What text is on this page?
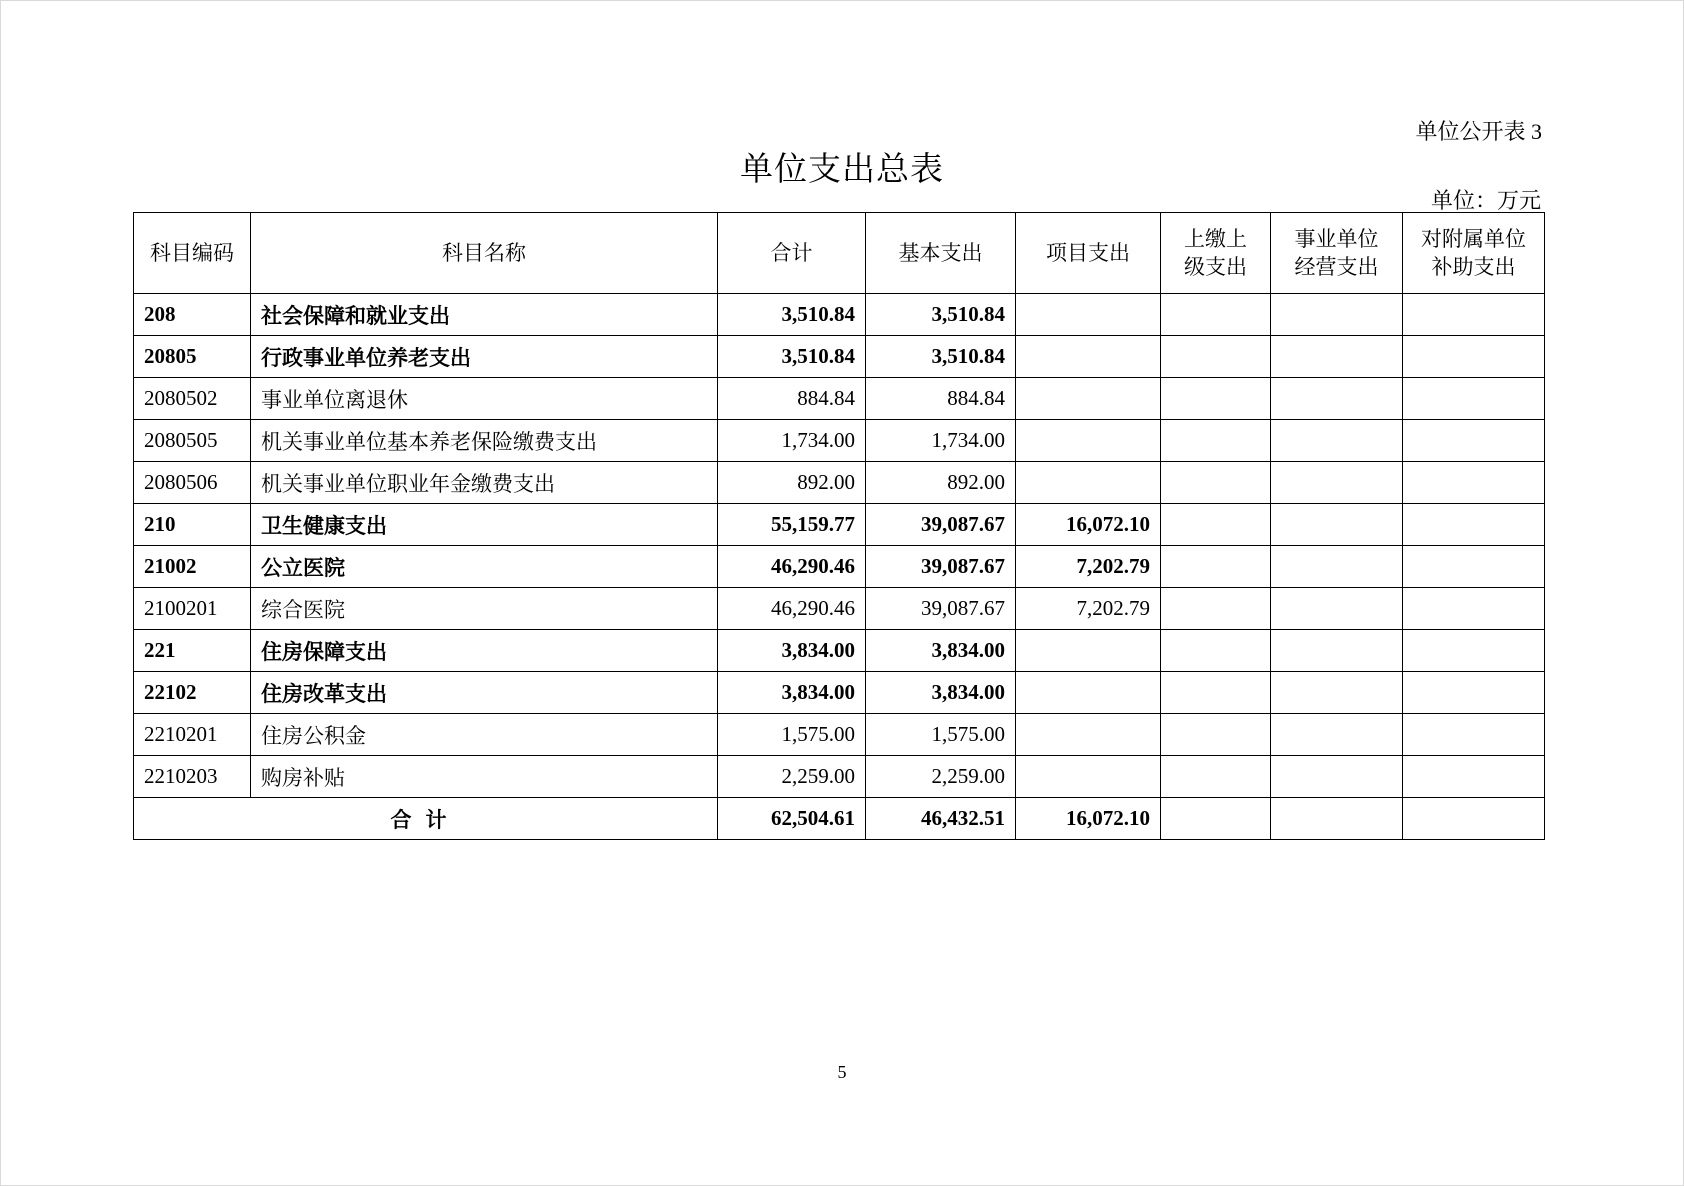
单位公开表 3
单位支出总表
单位：万元
科目编码	科目名称	合计	基本支出	项目支出	上缴上级支出	事业单位经营支出	对附属单位补助支出
208	社会保障和就业支出	3,510.84	3,510.84				
20805	行政事业单位养老支出	3,510.84	3,510.84				
2080502	事业单位离退休	884.84	884.84				
2080505	机关事业单位基本养老保险缴费支出	1,734.00	1,734.00				
2080506	机关事业单位职业年金缴费支出	892.00	892.00				
210	卫生健康支出	55,159.77	39,087.67	16,072.10			
21002	公立医院	46,290.46	39,087.67	7,202.79			
2100201	综合医院	46,290.46	39,087.67	7,202.79			
221	住房保障支出	3,834.00	3,834.00				
22102	住房改革支出	3,834.00	3,834.00				
2210201	住房公积金	1,575.00	1,575.00				
2210203	购房补贴	2,259.00	2,259.00				
合计		62,504.61	46,432.51	16,072.10			
5
